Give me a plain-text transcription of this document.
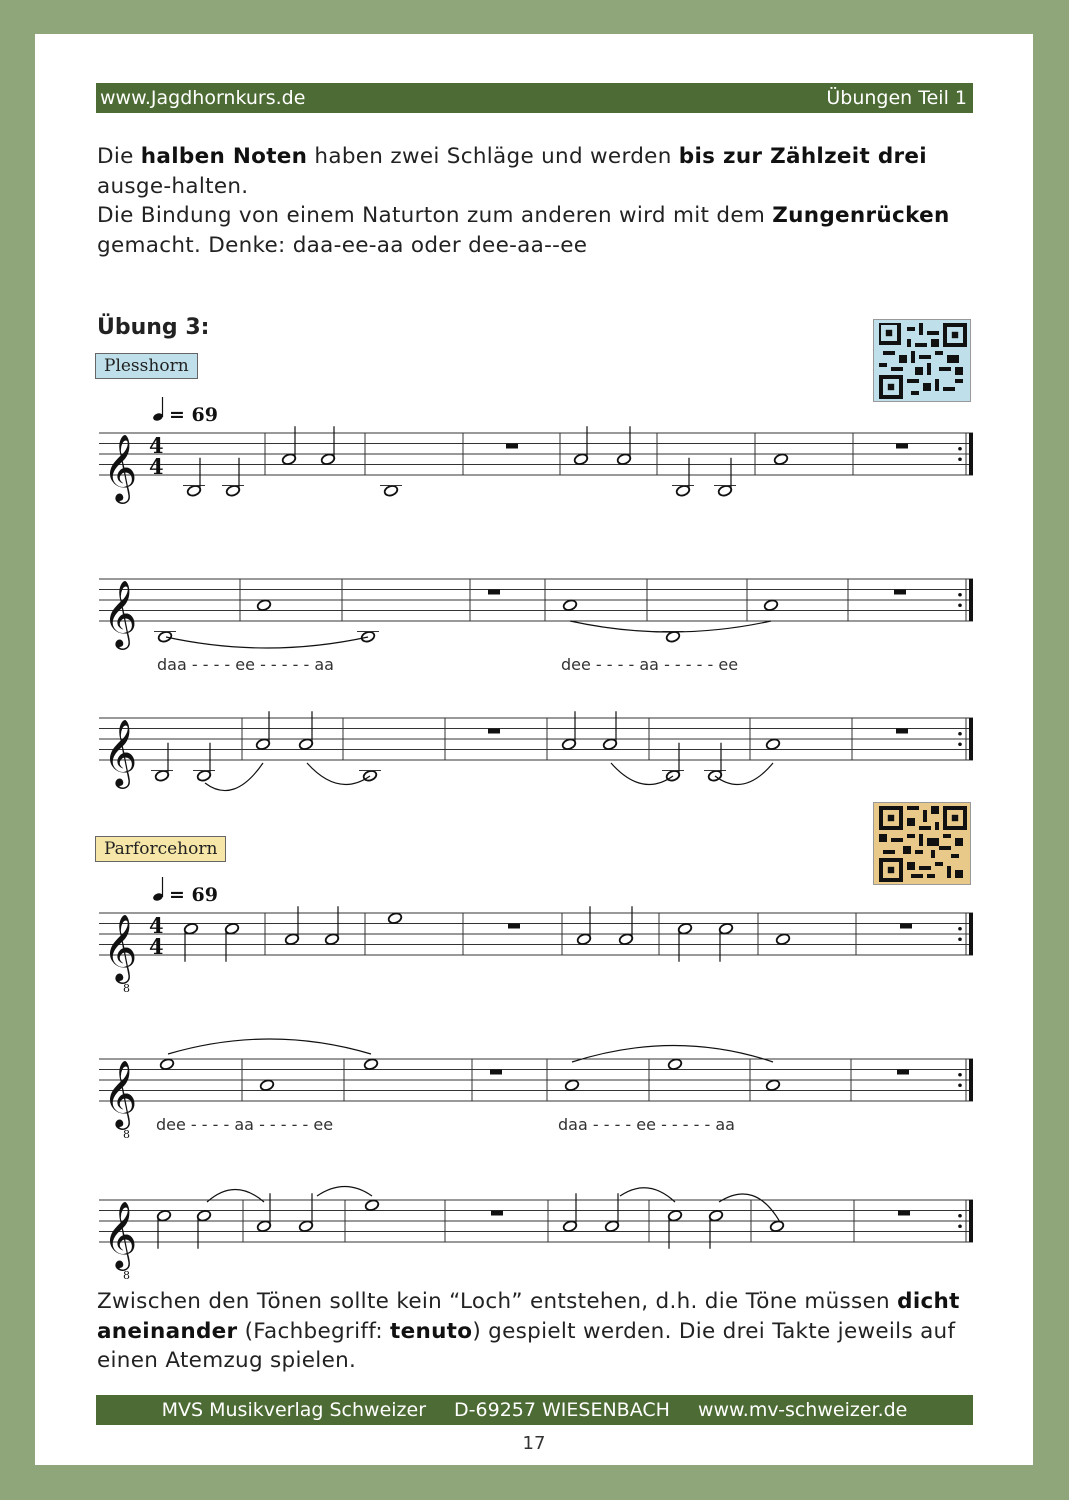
www.Jagdhornkurs.de	Übungen Teil 1
Die halben Noten haben zwei Schläge und werden bis zur Zählzeit drei ausge-halten.
Die Bindung von einem Naturton zum anderen wird mit dem Zungenrücken gemacht. Denke: daa-ee-aa oder dee-aa--ee
Übung 3:
Plesshorn
Parforcehorn
= 69
𝄞 4
4
𝄞
daa - - - - ee - - - - - aa	dee - - - - aa - - - - - ee
𝄞
= 69
𝄞
8
4
4
𝄞
8
dee - - - - aa - - - - - ee	daa - - - - ee - - - - - aa
𝄞
8
Zwischen den Tönen sollte kein “Loch” entstehen, d.h. die Töne müssen dicht aneinander (Fachbegriff: tenuto) gespielt werden. Die drei Takte jeweils auf einen Atemzug spielen.
MVS Musikverlag Schweizer D-69257 WIESENBACH www.mv-schweizer.de
17
